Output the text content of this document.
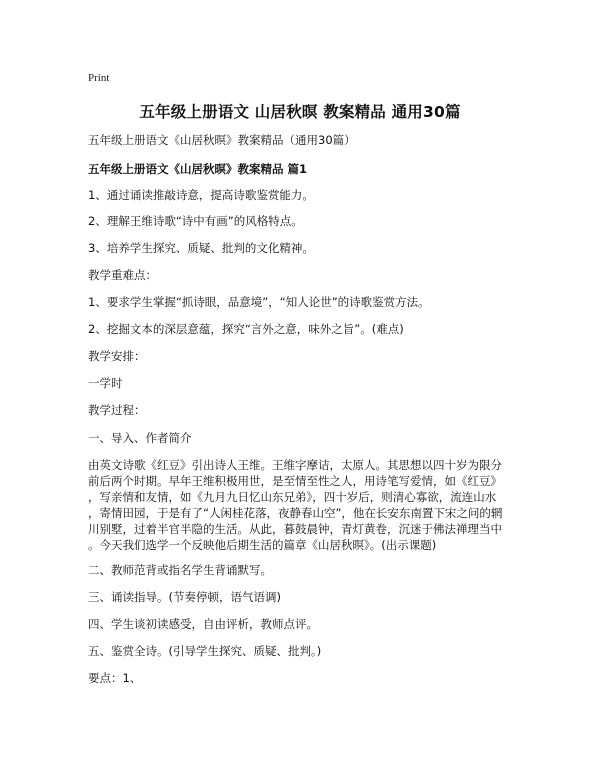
Print
五年级上册语文 山居秋暝 教案精品 通用30篇
五年级上册语文《山居秋暝》教案精品（通用30篇）
五年级上册语文《山居秋暝》教案精品 篇1
1、通过诵读推敲诗意，提高诗歌鉴赏能力。
2、理解王维诗歌“诗中有画”的风格特点。
3、培养学生探究、质疑、批判的文化精神。
教学重难点：
1、要求学生掌握“抓诗眼，品意境”，“知人论世”的诗歌鉴赏方法。
2、挖掘文本的深层意蕴，探究“言外之意，味外之旨”。(难点)
教学安排：
一学时
教学过程：
一、导入、作者简介
由英文诗歌《红豆》引出诗人王维。王维字摩诘，太原人。其思想以四十岁为限分
前后两个时期。早年王维积极用世，是至情至性之人，用诗笔写爱情，如《红豆》
，写亲情和友情，如《九月九日忆山东兄弟》，四十岁后，则清心寡欲，流连山水
，寄情田园，于是有了“人闲桂花落，夜静春山空”，他在长安东南置下宋之问的辋
川别墅，过着半官半隐的生活。从此，暮鼓晨钟，青灯黄卷，沉迷于佛法禅理当中
。今天我们选学一个反映他后期生活的篇章《山居秋暝》。(出示课题)
二、教师范背或指名学生背诵默写。
三、诵读指导。(节奏停顿，语气语调)
四、学生谈初读感受，自由评析，教师点评。
五、鉴赏全诗。(引导学生探究、质疑、批判。)
要点：1、
